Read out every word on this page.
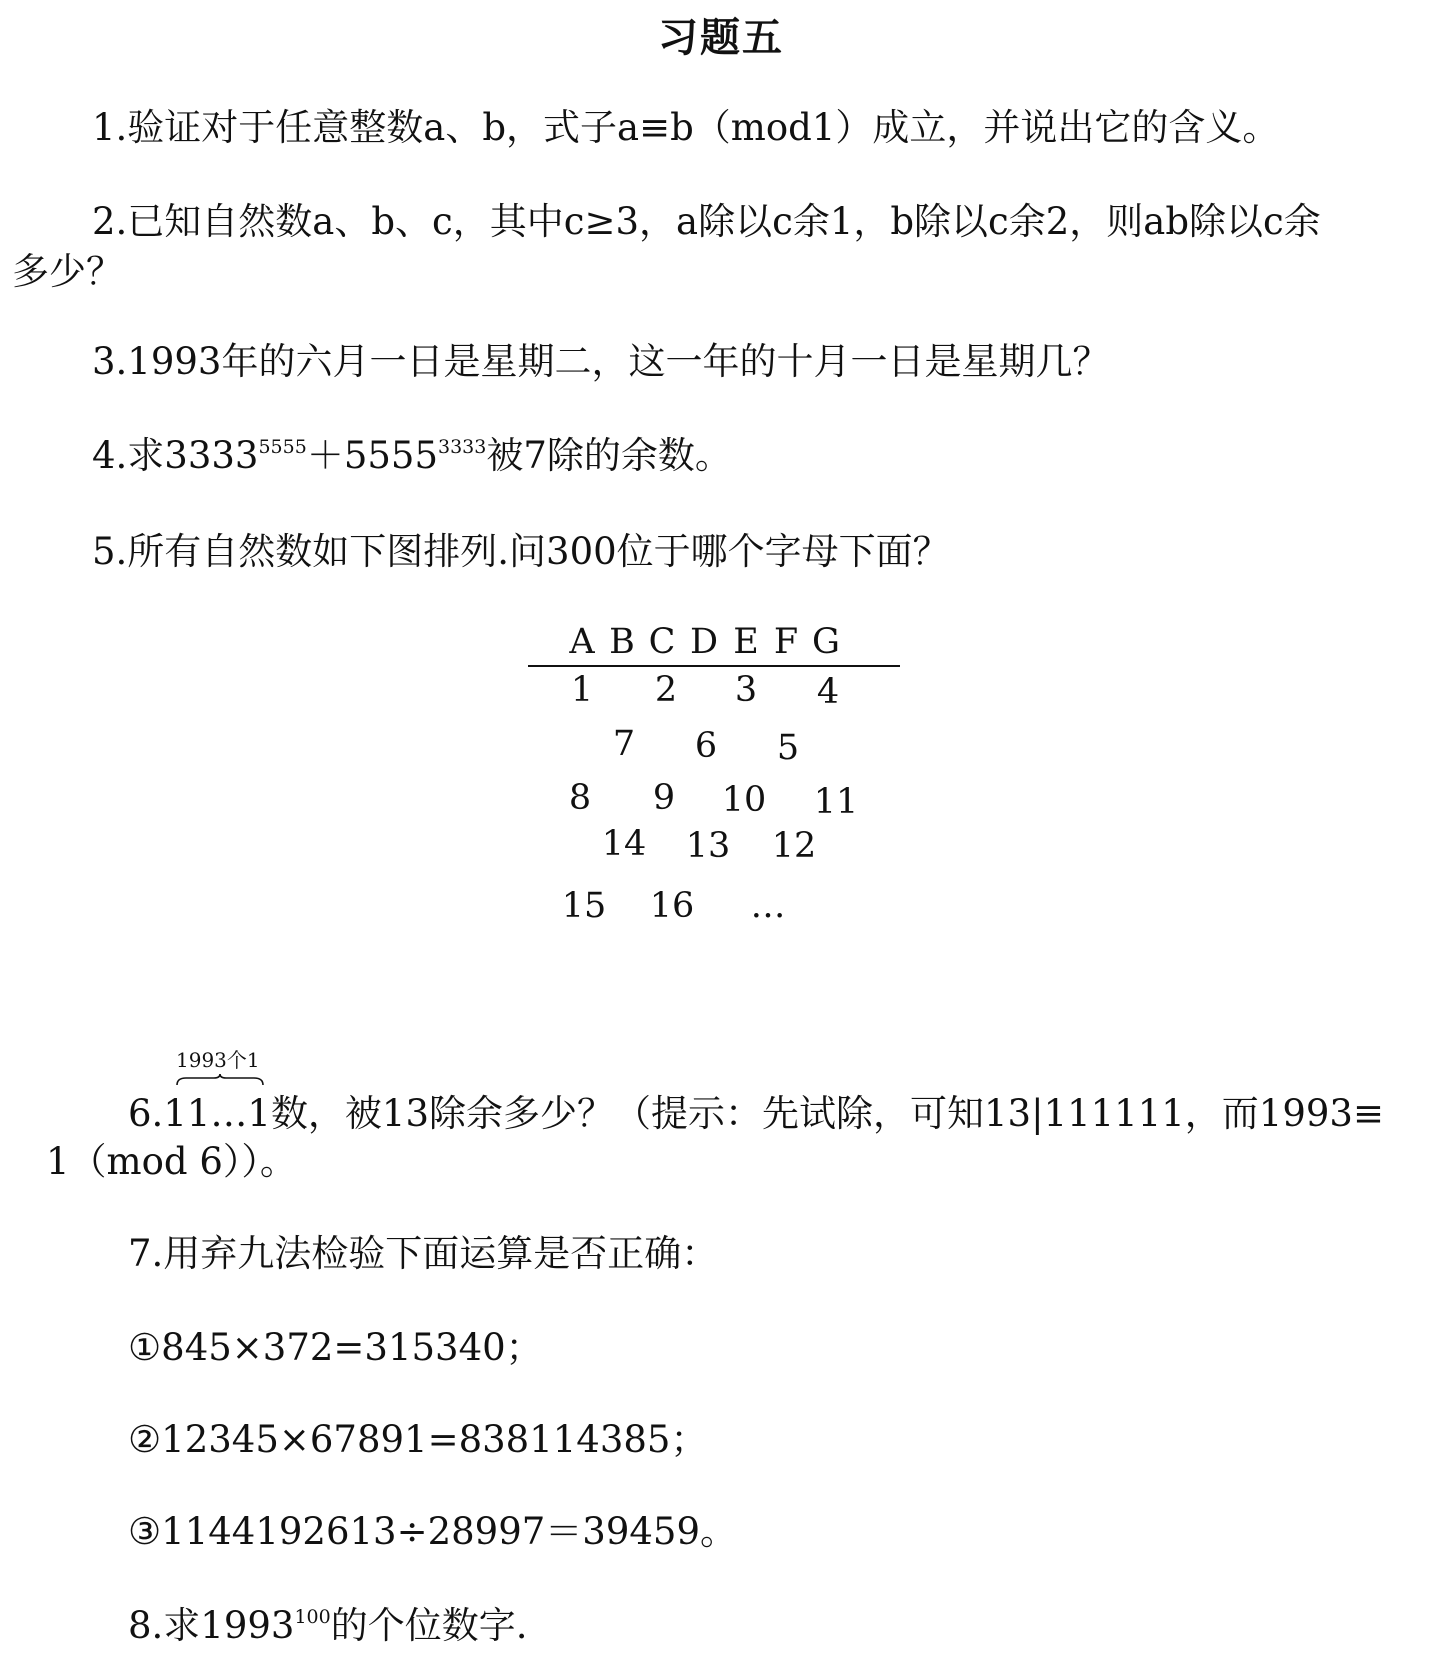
习题五
1.验证对于任意整数a、b，式子a≡b（mod1）成立，并说出它的含义。
2.已知自然数a、b、c，其中c≥3，a除以c余1，b除以c余2，则ab除以c余
多少？
3.1993年的六月一日是星期二，这一年的十月一日是星期几？
4.求$3333^{5555}+5555^{3333}$被7除的余数。
5.所有自然数如下图排列.问300位于哪个字母下面？
A B C D E F G
1	2	3	4
7	6	5
8	9	10 11
14 13 12
15 16	…
1993个1
6.11…1数，被13除余多少？（提示：先试除，可知13|111111，而1993≡
1（mod 6））。
7.用弃九法检验下面运算是否正确：
①845×372=315340；
②12345×67891=838114385；
③1144192613÷28997＝39459。
8.求1993$^{100}$的个位数字.
